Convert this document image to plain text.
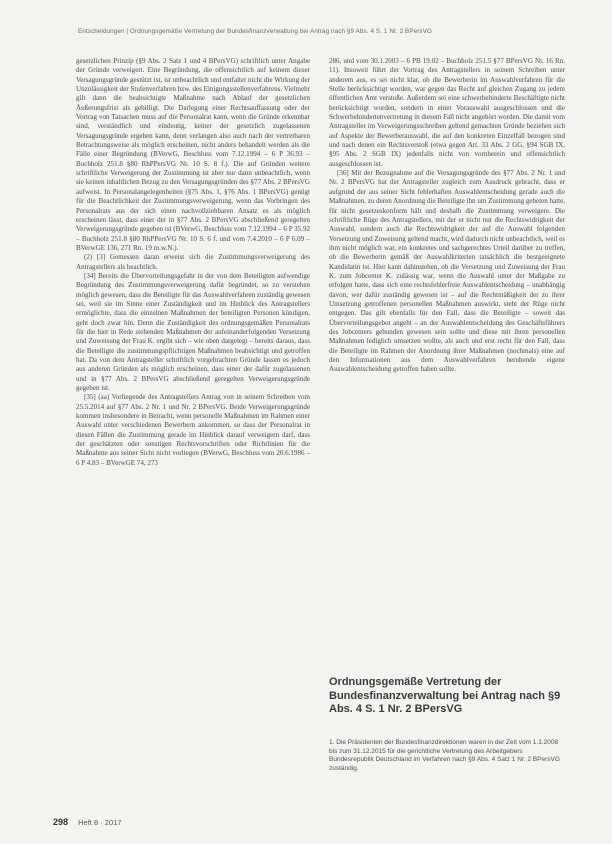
Entscheidungen | Ordnungsgemäße Vertretung der Bundesfinanzverwaltung bei Antrag nach §9 Abs. 4 S. 1 Nr. 2 BPersVG

gesetzlichen Prinzip (§9 Abs. 2 Satz 1 und 4 BPersVG) schriftlich unter Angabe der Gründe verweigert. Eine Begründung, die offensichtlich auf keinem dieser Versagungsgründe gestützt ist, ist unbeachtlich und entfaltet nicht die Wirkung der Unzulässigkeit der Stufenverfahren bzw. des Einigungsstellenverfahrens. Vielmehr gilt dann die beabsichtigte Maßnahme nach Ablauf der gesetzlichen Äußerungsfrist als gebilligt. Die Darlegung einer Rechtsauffassung oder der Vortrag von Tatsachen muss auf die Personalrat kann, wenn die Gründe erkennbar sind, verständlich und eindeutig, keiner der gesetzlich zugelassenen Versagungsgründe ergeben kann, denn verlangen also auch nach der vertretbaren Betrachtungsweise als möglich erscheinen, nicht anders behandelt werden als die Fälle einer Begründung (BVerwG, Beschluss vom 7.12.1994 – 6 P 36.93 – Buchholz 251.8 §80 RhPPersVG Nr. 10 S. 8 f.). Die auf Gründen weitere schriftliche Verweigerung der Zustimmung ist aber nur dann unbeachtlich, wenn sie keinen inhaltlichen Bezug zu den Versagungsgründen des §77 Abs. 2 BPersVG aufweist. In Personalangelegenheiten (§75 Abs. 1, §76 Abs. 1 BPersVG) genügt für die Beachtlichkeit der Zustimmungsverweigerung, wenn das Vorbringen des Personalrats aus der sich einen nachvollziehbaren Ansatz es als möglich erscheinen lässt, dass einer der in §77 Abs. 2 BPersVG abschließend geregelten Verweigerungsgründe gegeben ist (BVerwG, Beschluss vom 7.12.1994 – 6 P 35.92 – Buchholz 251.8 §80 RhPPersVG Nr. 10 S. 6 f. und vom 7.4.2010 – 6 P 6.09 – BVerwGE 136, 271 Rn. 19 m.w.N.).

(2) [3] Gemessen daran erweist sich die Zustimmungsverweigerung des Antragstellers als beachtlich.

[34] Bereits die Übervorteilungsgefahr in der von dem Beteiligten aufwendige Begründung des Zustimmungsverweigerung dafür begründet, so zu verstehen möglich gewesen, dass die Beteiligte für das Auswahlverfahren zuständig gewesen sei, weil sie im Sinne einer Zuständigkeit und im Hinblick des Antragstellers ermöglichte, dass die einzelnen Maßnahmen der beteiligten Personen kündigen, geht doch zwar hin. Denn die Zuständigkeit des ordnungsgemäßen Personalrats für die hier in Rede stehenden Maßnahmen der aufeinanderfolgenden Versetzung und Zuweisung der Frau K. ergibt sich – wie oben dargelegt – bereits daraus, dass die Beteiligte die zustimmungspflichtigen Maßnahmen beabsichtigt und getroffen hat. Da von dem Antragsteller schriftlich vorgebrachten Gründe lassen es jedoch aus anderen Gründen als möglich erscheinen, dass einer der dafür zugelassenen und in §77 Abs. 2 BPersVG abschließend geregelten Verweigerungsgründe gegeben ist.

[35] (aa) Vorliegende des Antragstellers Antrag von in seinem Schreiben vom 25.5.2014 auf §77 Abs. 2 Nr. 1 und Nr. 2 BPersVG. Beide Verweigerungsgründe kommen insbesondere in Betracht, wenn personelle Maßnahmen im Rahmen einer Auswahl unter verschiedenen Bewerbern ankommen, so dass der Personalrat in diesen Fällen die Zustimmung gerade im Hinblick darauf verweigern darf, dass der geschätzten oder sonstigen Rechtsvorschriften oder Richtlinien für die Maßnahme aus seiner Sicht nicht vorliegen (BVerwG, Beschluss vom 20.6.1986 – 6 P 4.83 – BVerwGE 74, 273

286, und vom 30.1.2003 – 6 PB 19.02 – Buchholz 251.5 §77 BPersVG Nr. 16 Rn. 11). Insoweit führt der Vortrag des Antragstellers in seinem Schreiben unter anderem aus, es sei nicht klar, ob die Bewerberin im Auswahlverfahren für die Stelle berücksichtigt worden, war gegen das Recht auf gleichen Zugang zu jedem öffentlichen Amt verstoße. Außerdem sei eine schwerbehinderte Beschäftigte nicht berücksichtigt worden, sondern in einer Vorauswahl ausgeschlossen und die Schwerbehindertenvertretung in diesem Fall nicht angehört worden. Die damit vom Antragsteller im Verweigerungsschreiben geltend gemachten Gründe beziehen sich auf Aspekte der Bewerberauswahl, die auf den konkreten Einzelfall bezogen sind und nach denen ein Rechtsverstoß (etwa gegen Art. 33 Abs. 2 GG, §94 SGB IX, §95 Abs. 2 SGB IX) jedenfalls nicht von vornherein und offensichtlich ausgeschlossen ist.

[36] Mit der Bezugnahme auf die Versagungsgründe des §77 Abs. 2 Nr. 1 und Nr. 2 BPersVG hat der Antragsteller zugleich zum Ausdruck gebracht, dass er aufgrund der aus seiner Sicht fehlerhaften Auswahlentscheidung gerade auch die Maßnahmen, zu deren Anordnung die Beteiligte ihn um Zustimmung gebeten hatte, für nicht gesetzeskonform hält und deshalb die Zustimmung verweigere. Die schriftliche Rüge des Antragstellers, mit der er nicht nur die Rechtswidrigkeit der Auswahl, sondern auch die Rechtswidrigkeit der auf die Auswahl folgenden Versetzung und Zuweisung geltend macht, wird dadurch nicht unbeachtlich, weil es ihm nicht möglich war, ein konkretes und sachgerechtes Urteil darüber zu treffen, ob die Bewerberin gemäß der Auswahlkriterien tatsächlich die bestgeeignete Kandidatin ist. Hier kann dahinstehen, ob die Versetzung und Zuweisung der Frau K. zum Jobcenter K. zulässig war, wenn die Auswahl unter der Maßgabe zu erfolgen hatte, dass sich eine rechtsfehlerfreie Auswahlentscheidung – unabhängig davon, wer dafür zuständig gewesen ist – auf die Rechtmäßigkeit der zu ihrer Umsetzung getroffenen personellen Maßnahmen auswirkt, steht der Rüge nicht entgegen. Das gilt ebenfalls für den Fall, dass die Beteiligte – soweit das Übervorteilungsgebot angeht – an der Auswahlentscheidung des Geschäftsführers des Jobcenters gebunden gewesen sein sollte und diese mit ihren personellen Maßnahmen lediglich umsetzen wollte, als auch und erst recht für den Fall, dass die Beteiligte im Rahmen der Anordnung ihrer Maßnahmen (nochmals) eine auf den Informationen aus dem Auswahlverfahren beruhende eigene Auswahlentscheidung getroffen haben sollte.

Ordnungsgemäße Vertretung der Bundesfinanzverwaltung bei Antrag nach §9 Abs. 4 S. 1 Nr. 2 BPersVG
1. Die Präsidenten der Bundesfinanzdirektionen waren in der Zeit vom 1.1.2008 bis zum 31.12.2015 für die gerichtliche Vertretung des Arbeitgebers Bundesrepublik Deutschland im Verfahren nach §9 Abs. 4 Satz 1 Nr. 2 BPersVG zuständig.
298 Heft 8 · 2017
